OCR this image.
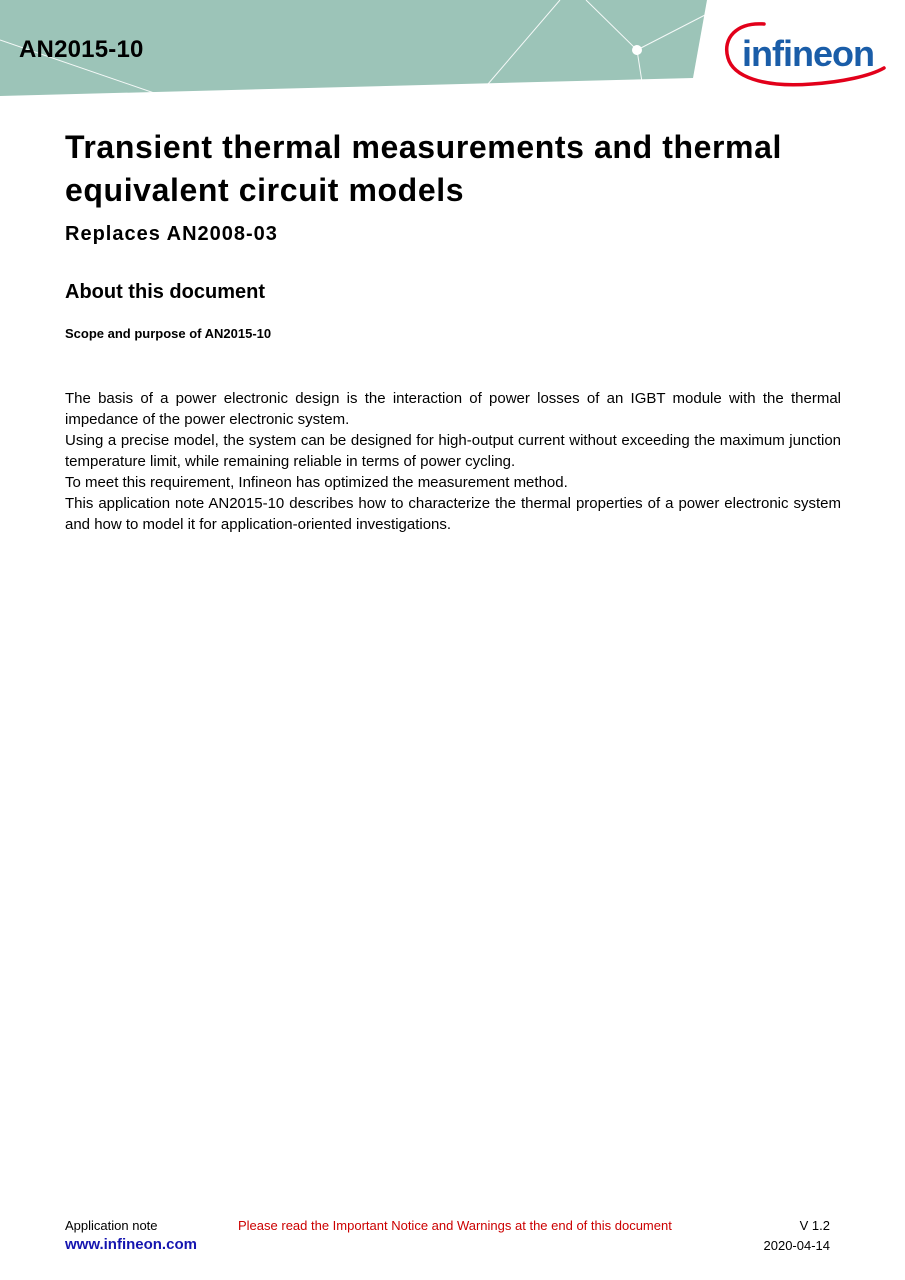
AN2015-10	infineon
Transient thermal measurements and thermal
equivalent circuit models
Replaces AN2008-03
About this document
Scope and purpose of AN2015-10

The basis of a power electronic design is the interaction of power losses of an IGBT module with the thermal impedance of the power electronic system.

Using a precise model, the system can be designed for high-output current without exceeding the maximum junction temperature limit, while remaining reliable in terms of power cycling.

To meet this requirement, Infineon has optimized the measurement method.

This application note AN2015-10 describes how to characterize the thermal properties of a power electronic system and how to model it for application-oriented investigations.

Application note
www.infineon.com
Please read the Important Notice and Warnings at the end of this document	V 1.2
2020-04-14
